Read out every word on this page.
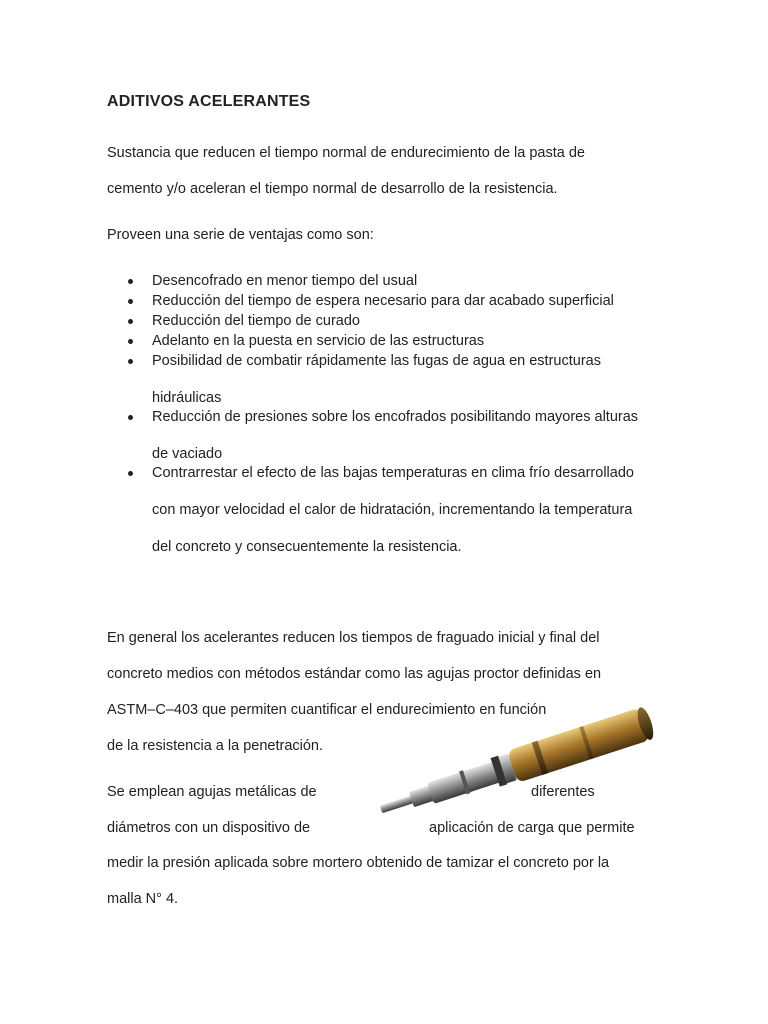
ADITIVOS ACELERANTES

Sustancia que reducen el tiempo normal de endurecimiento de la pasta de

cemento y/o aceleran el tiempo normal de desarrollo de la resistencia.

Proveen una serie de ventajas como son:

Desencofrado en menor tiempo del usual

Reducción del tiempo de espera necesario para dar acabado superficial

Reducción del tiempo de curado

Adelanto en la puesta en servicio de las estructuras

Posibilidad de combatir rápidamente las fugas de agua en estructuras

hidráulicas

Reducción de presiones sobre los encofrados posibilitando mayores alturas

de vaciado

Contrarrestar el efecto de las bajas temperaturas en clima frío desarrollado

con mayor velocidad el calor de hidratación, incrementando la temperatura

del concreto y consecuentemente la resistencia.

En general los acelerantes reducen los tiempos de fraguado inicial y final del

concreto medios con métodos estándar como las agujas proctor definidas en

ASTM–C–403 que permiten cuantificar el endurecimiento en función

de la resistencia a la penetración.

Se emplean agujas metálicas de	diferentes

diámetros con un dispositivo de	aplicación de carga que permite

medir la presión aplicada sobre mortero obtenido de tamizar el concreto por la

malla N° 4.
